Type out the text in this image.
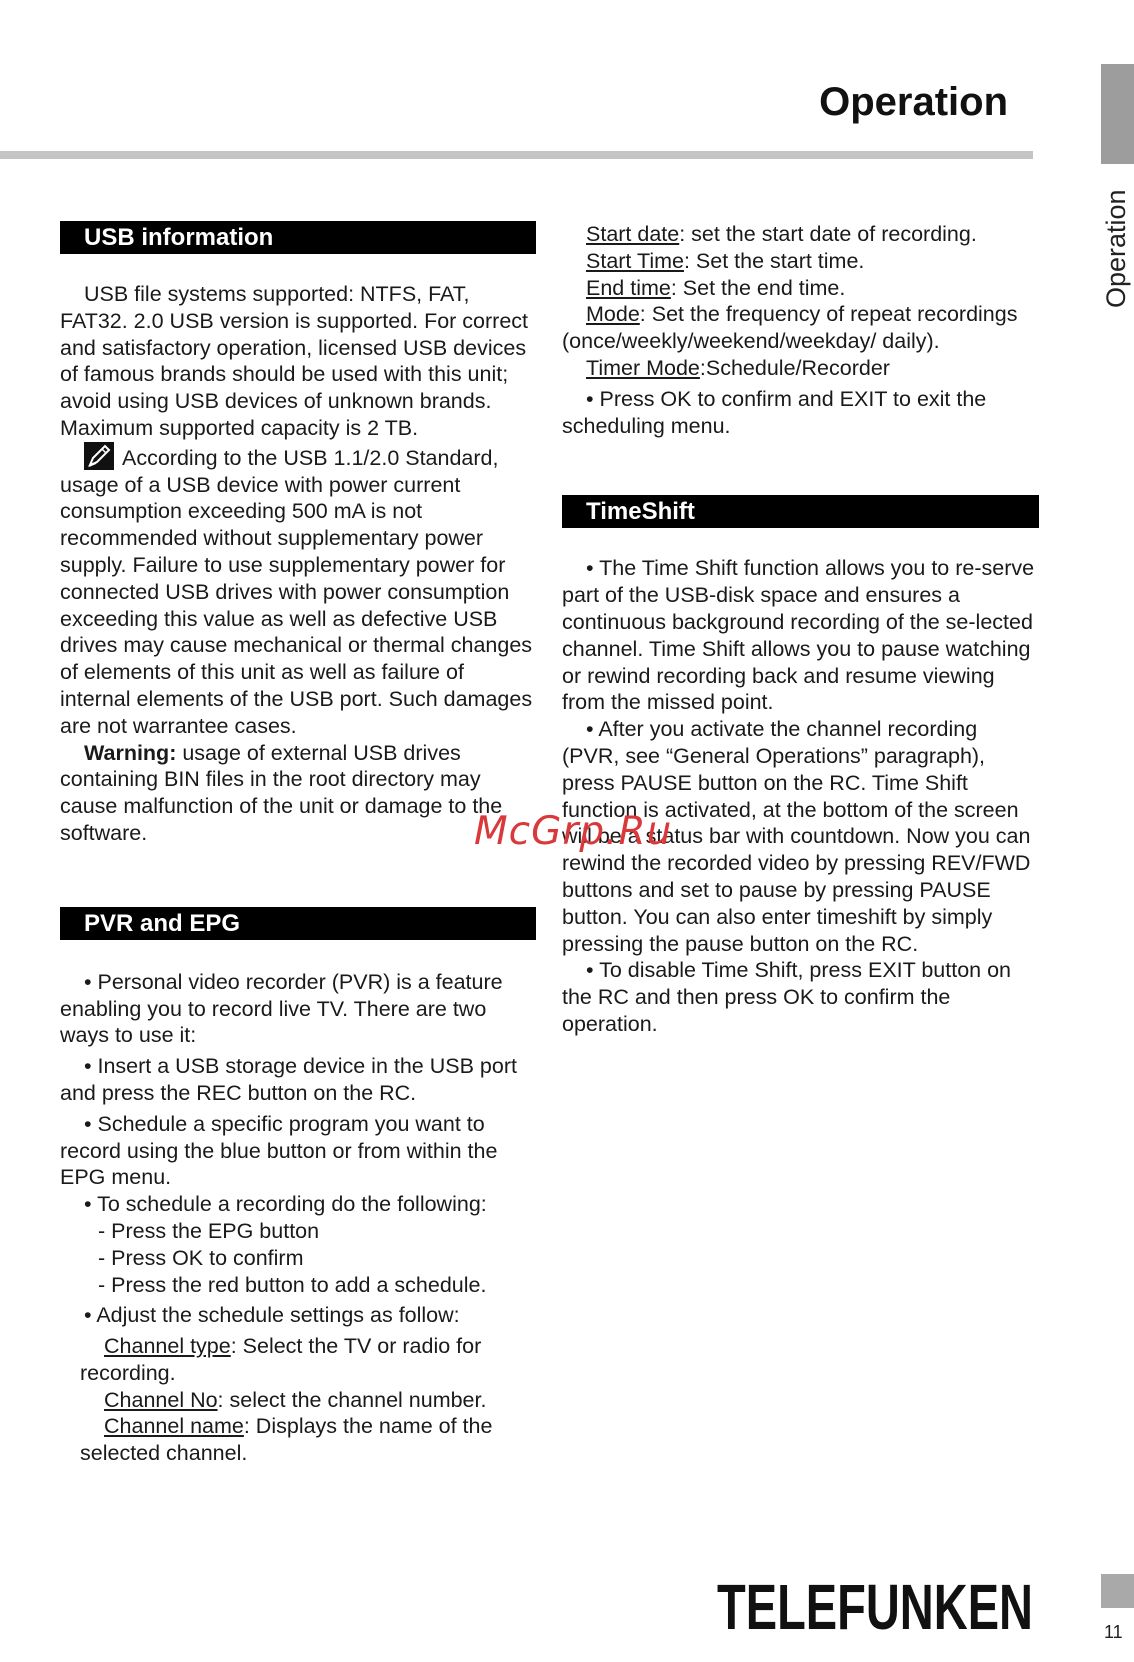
Operation
Operation
USB information

USB file systems supported: NTFS, FAT, FAT32. 2.0 USB version is supported. For correct and satisfactory operation, licensed USB devices of famous brands should be used with this unit; avoid using USB devices of unknown brands. Maximum supported capacity is 2 TB.

According to the USB 1.1/2.0 Standard, usage of a USB device with power current consumption exceeding 500 mA is not recommended without supplementary power supply. Failure to use supplementary power for connected USB drives with power consumption exceeding this value as well as defective USB drives may cause mechanical or thermal changes of elements of this unit as well as failure of internal elements of the USB port. Such damages are not warrantee cases.

Warning: usage of external USB drives containing BIN files in the root directory may cause malfunction of the unit or damage to the software.

PVR and EPG

• Personal video recorder (PVR) is a feature enabling you to record live TV. There are two ways to use it:

• Insert a USB storage device in the USB port and press the REC button on the RC.

• Schedule a specific program you want to record using the blue button or from within the EPG menu.

• To schedule a recording do the following:

- Press the EPG button

- Press OK to confirm

- Press the red button to add a schedule.

• Adjust the schedule settings as follow:

Channel type: Select the TV or radio for recording.

Channel No: select the channel number.

Channel name: Displays the name of the selected channel.

Start date: set the start date of recording.

Start Time: Set the start time.

End time: Set the end time.

Mode: Set the frequency of repeat recordings (once/weekly/weekend/weekday/ daily).

Timer Mode:Schedule/Recorder

• Press OK to confirm and EXIT to exit the scheduling menu.

TimeShift

• The Time Shift function allows you to re-serve part of the USB-disk space and ensures a continuous background recording of the se-lected channel. Time Shift allows you to pause watching or rewind recording back and resume viewing from the missed point.

• After you activate the channel recording (PVR, see “General Operations” paragraph), press PAUSE button on the RC. Time Shift function is activated, at the bottom of the screen will be a status bar with countdown. Now you can rewind the recorded video by pressing REV/FWD buttons and set to pause by pressing PAUSE button. You can also enter timeshift by simply pressing the pause button on the RC.

• To disable Time Shift, press EXIT button on the RC and then press OK to confirm the operation.

McGrp.Ru
TELEFUNKEN	11
